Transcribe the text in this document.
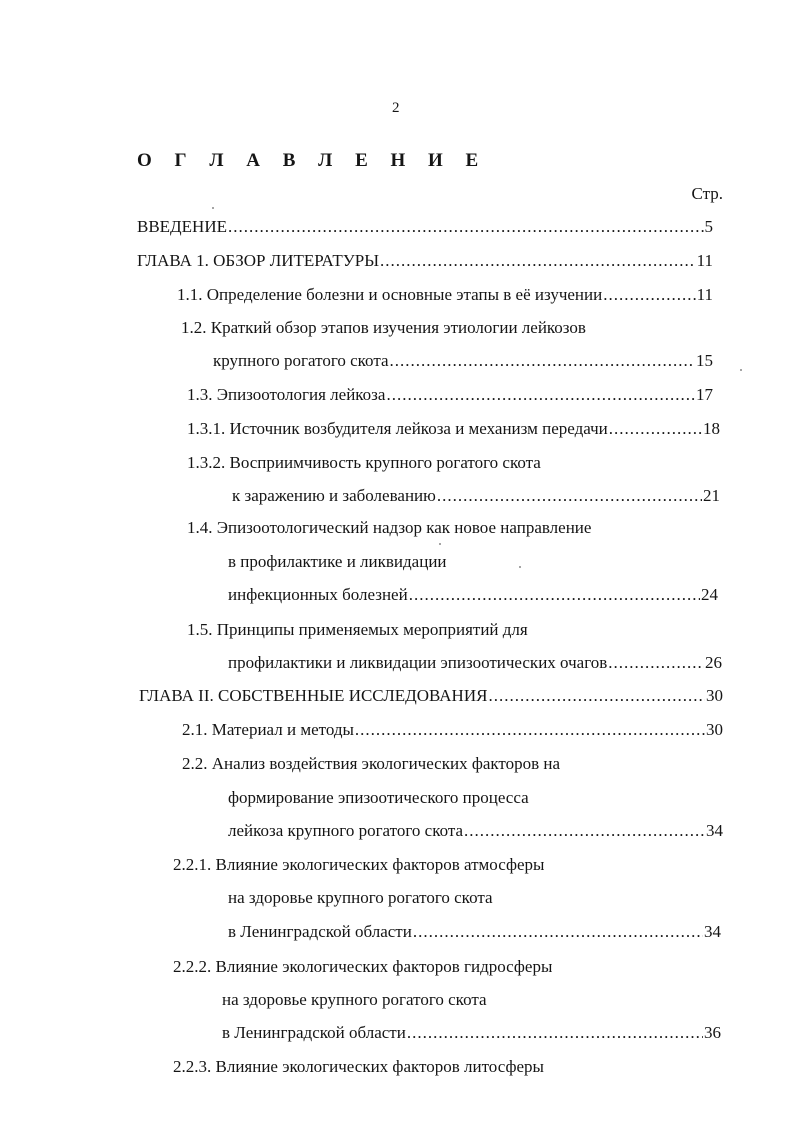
2
О Г Л А В Л Е Н И Е
Стр.
ВВЕДЕНИЕ .....	5
ГЛАВА 1. ОБЗОР ЛИТЕРАТУРЫ .....	11
1.1. Определение болезни и основные этапы в её изучении .....	11
1.2. Краткий обзор этапов изучения этиологии лейкозов
крупного рогатого скота .....	15
1.3. Эпизоотология лейкоза .....	17
1.3.1. Источник возбудителя лейкоза и механизм передачи .....	18
1.3.2. Восприимчивость крупного рогатого скота
к заражению и заболеванию .....	21
1.4. Эпизоотологический надзор как новое направление
в профилактике и ликвидации
инфекционных болезней .....	24
1.5. Принципы применяемых мероприятий для
профилактики и ликвидации эпизоотических очагов .....	26
ГЛАВА II. СОБСТВЕННЫЕ ИССЛЕДОВАНИЯ .....	30
2.1. Материал и методы .....	30
2.2. Анализ воздействия экологических факторов на
формирование эпизоотического процесса
лейкоза крупного рогатого скота .....	34
2.2.1. Влияние экологических факторов атмосферы
на здоровье крупного рогатого скота
в Ленинградской области .....	34
2.2.2. Влияние экологических факторов гидросферы
на здоровье крупного рогатого скота
в Ленинградской области .....	36
2.2.3. Влияние экологических факторов литосферы
